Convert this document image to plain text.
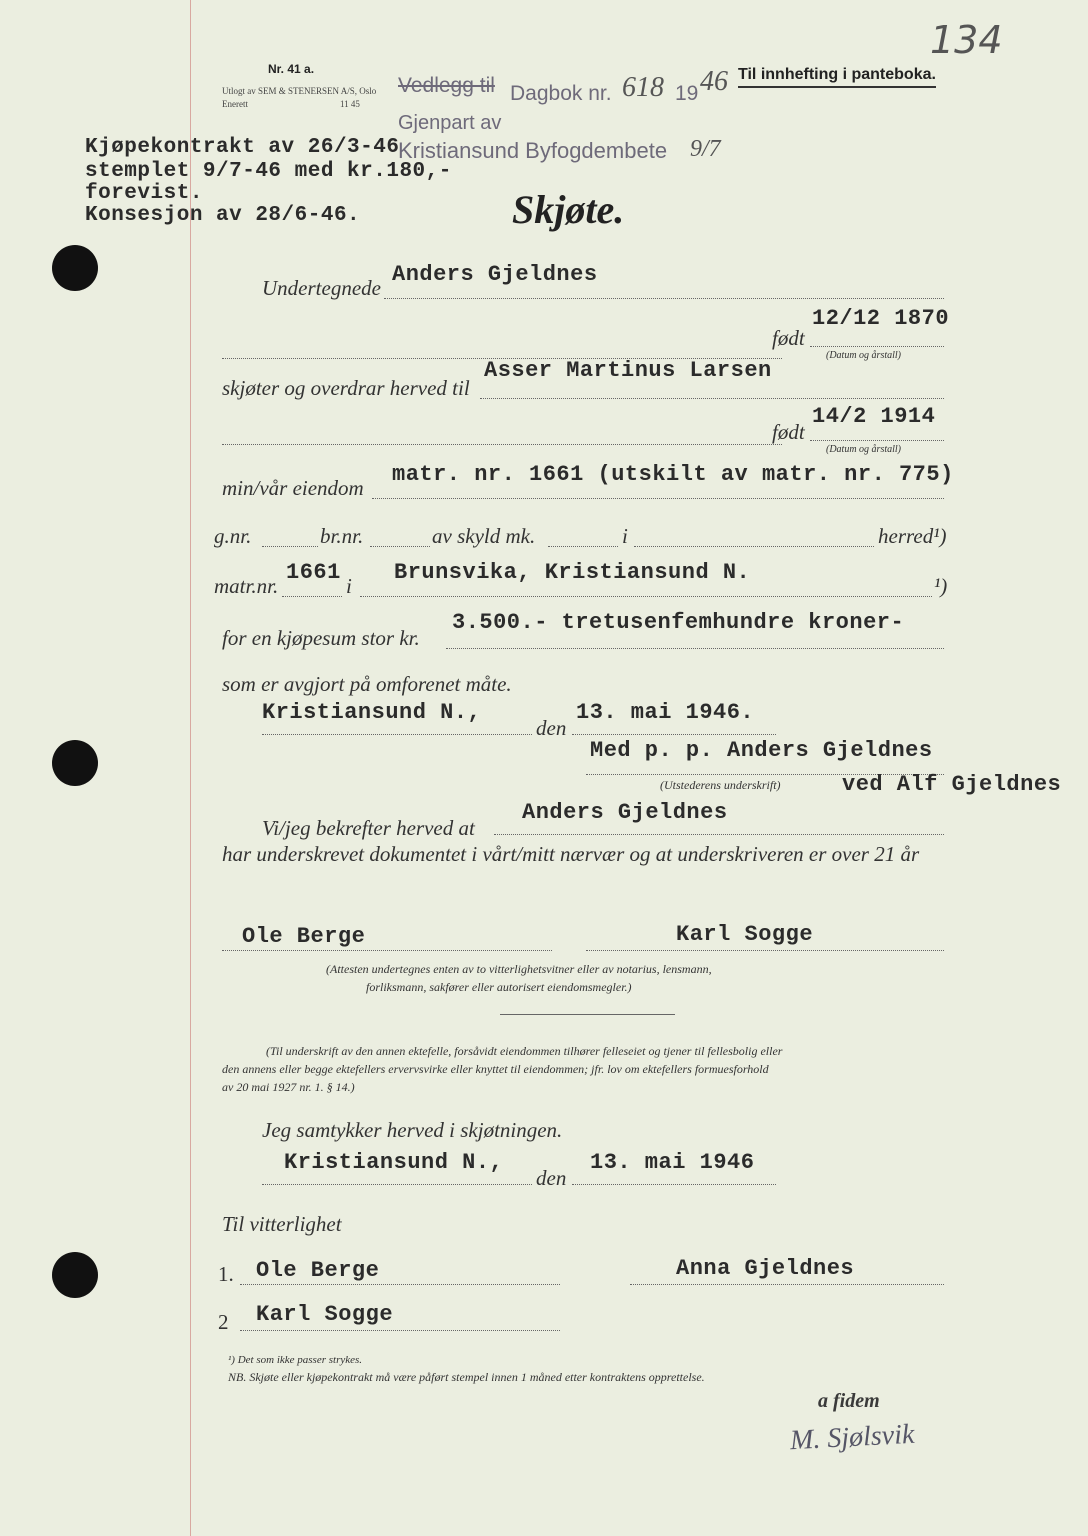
134
Nr. 41 a.
Utlogt av SEM & STENERSEN A/S, Oslo
Enerett	11 45
Vedlegg til Dagbok nr. 618 19 46 Til innhefting i panteboka.
Gjenpart av
Kristiansund Byfogdembete 9/7
Kjøpekontrakt av 26/3-46
stemplet 9/7-46 med kr.180,-
forevist.
Konsesjon av 28/6-46.	Skjøte.
Undertegnede
Anders Gjeldnes
født
12/12 1870
(Datum og årstall)
skjøter og overdrar herved til
Asser Martinus Larsen
født
14/2 1914
(Datum og årstall)
min/vår eiendom
matr. nr. 1661 (utskilt av matr. nr. 775)
g.nr.	br.nr.	av skyld mk.	i	herred¹)
matr.nr.
1661
i
Brunsvika, Kristiansund N.
¹)
for en kjøpesum stor kr.
3.500.- tretusenfemhundre kroner-
som er avgjort på omforenet måte.
Kristiansund N.,
den
13. mai 1946.
Med p. p. Anders Gjeldnes
(Utstederens underskrift)	ved Alf Gjeldnes
Anders Gjeldnes
Vi/jeg bekrefter herved at
har underskrevet dokumentet i vårt/mitt nærvær og at underskriveren er over 21 år
Ole Berge	Karl Sogge
(Attesten undertegnes enten av to vitterlighetsvitner eller av notarius, lensmann,
forliksmann, sakfører eller autorisert eiendomsmegler.)
(Til underskrift av den annen ektefelle, forsåvidt eiendommen tilhører felleseiet og tjener til fellesbolig eller
den annens eller begge ektefellers ervervsvirke eller knyttet til eiendommen; jfr. lov om ektefellers formuesforhold
av 20 mai 1927 nr. 1. § 14.)
Jeg samtykker herved i skjøtningen.
Kristiansund N.,
den
13. mai 1946
Til vitterlighet
1. Ole Berge	Anna Gjeldnes
2 Karl Sogge
¹) Det som ikke passer strykes.
NB. Skjøte eller kjøpekontrakt må være påført stempel innen 1 måned etter kontraktens opprettelse.
a fidem
M. Sjølsvik
